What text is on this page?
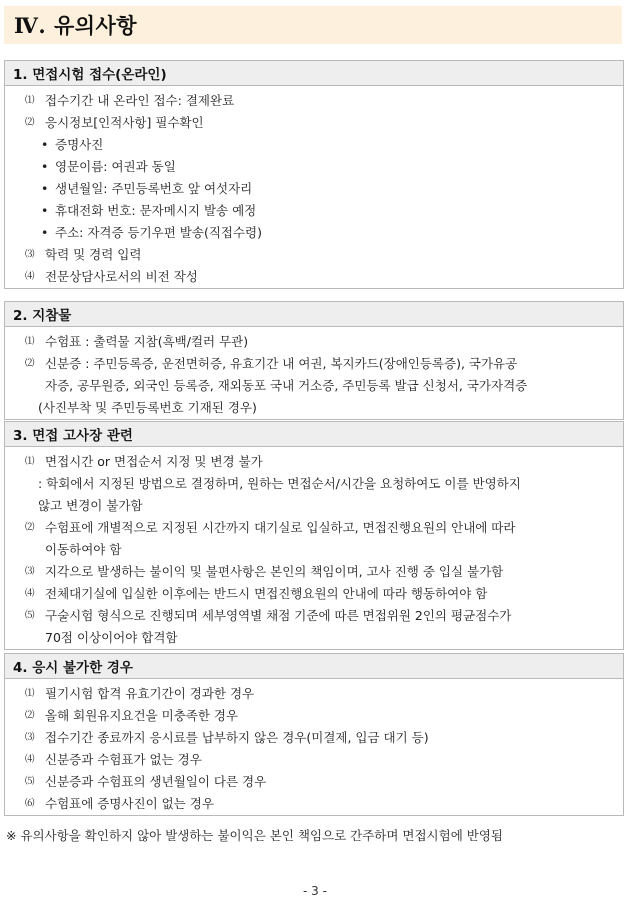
Ⅳ. 유의사항
1. 면접시험 접수(온라인)
⑴ 접수기간 내 온라인 접수: 결제완료
⑵ 응시정보[인적사항] 필수확인
• 증명사진
• 영문이름: 여권과 동일
• 생년월일: 주민등록번호 앞 여섯자리
• 휴대전화 번호: 문자메시지 발송 예정
• 주소: 자격증 등기우편 발송(직접수령)
⑶ 학력 및 경력 입력
⑷ 전문상담사로서의 비전 작성
2. 지참물
⑴ 수험표 : 출력물 지참(흑백/컬러 무관)
⑵ 신분증 : 주민등록증, 운전면허증, 유효기간 내 여권, 복지카드(장애인등록증), 국가유공
자증, 공무원증, 외국인 등록증, 재외동포 국내 거소증, 주민등록 발급 신청서, 국가자격증
(사진부착 및 주민등록번호 기재된 경우)
3. 면접 고사장 관련
⑴ 면접시간 or 면접순서 지정 및 변경 불가
: 학회에서 지정된 방법으로 결정하며, 원하는 면접순서/시간을 요청하여도 이를 반영하지
않고 변경이 불가함
⑵ 수험표에 개별적으로 지정된 시간까지 대기실로 입실하고, 면접진행요원의 안내에 따라
이동하여야 함
⑶ 지각으로 발생하는 불이익 및 불편사항은 본인의 책임이며, 고사 진행 중 입실 불가함
⑷ 전체대기실에 입실한 이후에는 반드시 면접진행요원의 안내에 따라 행동하여야 함
⑸ 구술시험 형식으로 진행되며 세부영역별 채점 기준에 따른 면접위원 2인의 평균점수가
70점 이상이어야 합격함
4. 응시 불가한 경우
⑴ 필기시험 합격 유효기간이 경과한 경우
⑵ 올해 회원유지요건을 미충족한 경우
⑶ 접수기간 종료까지 응시료를 납부하지 않은 경우(미결제, 입금 대기 등)
⑷ 신분증과 수험표가 없는 경우
⑸ 신분증과 수험표의 생년월일이 다른 경우
⑹ 수험표에 증명사진이 없는 경우
※ 유의사항을 확인하지 않아 발생하는 불이익은 본인 책임으로 간주하며 면접시험에 반영됨
- 3 -
